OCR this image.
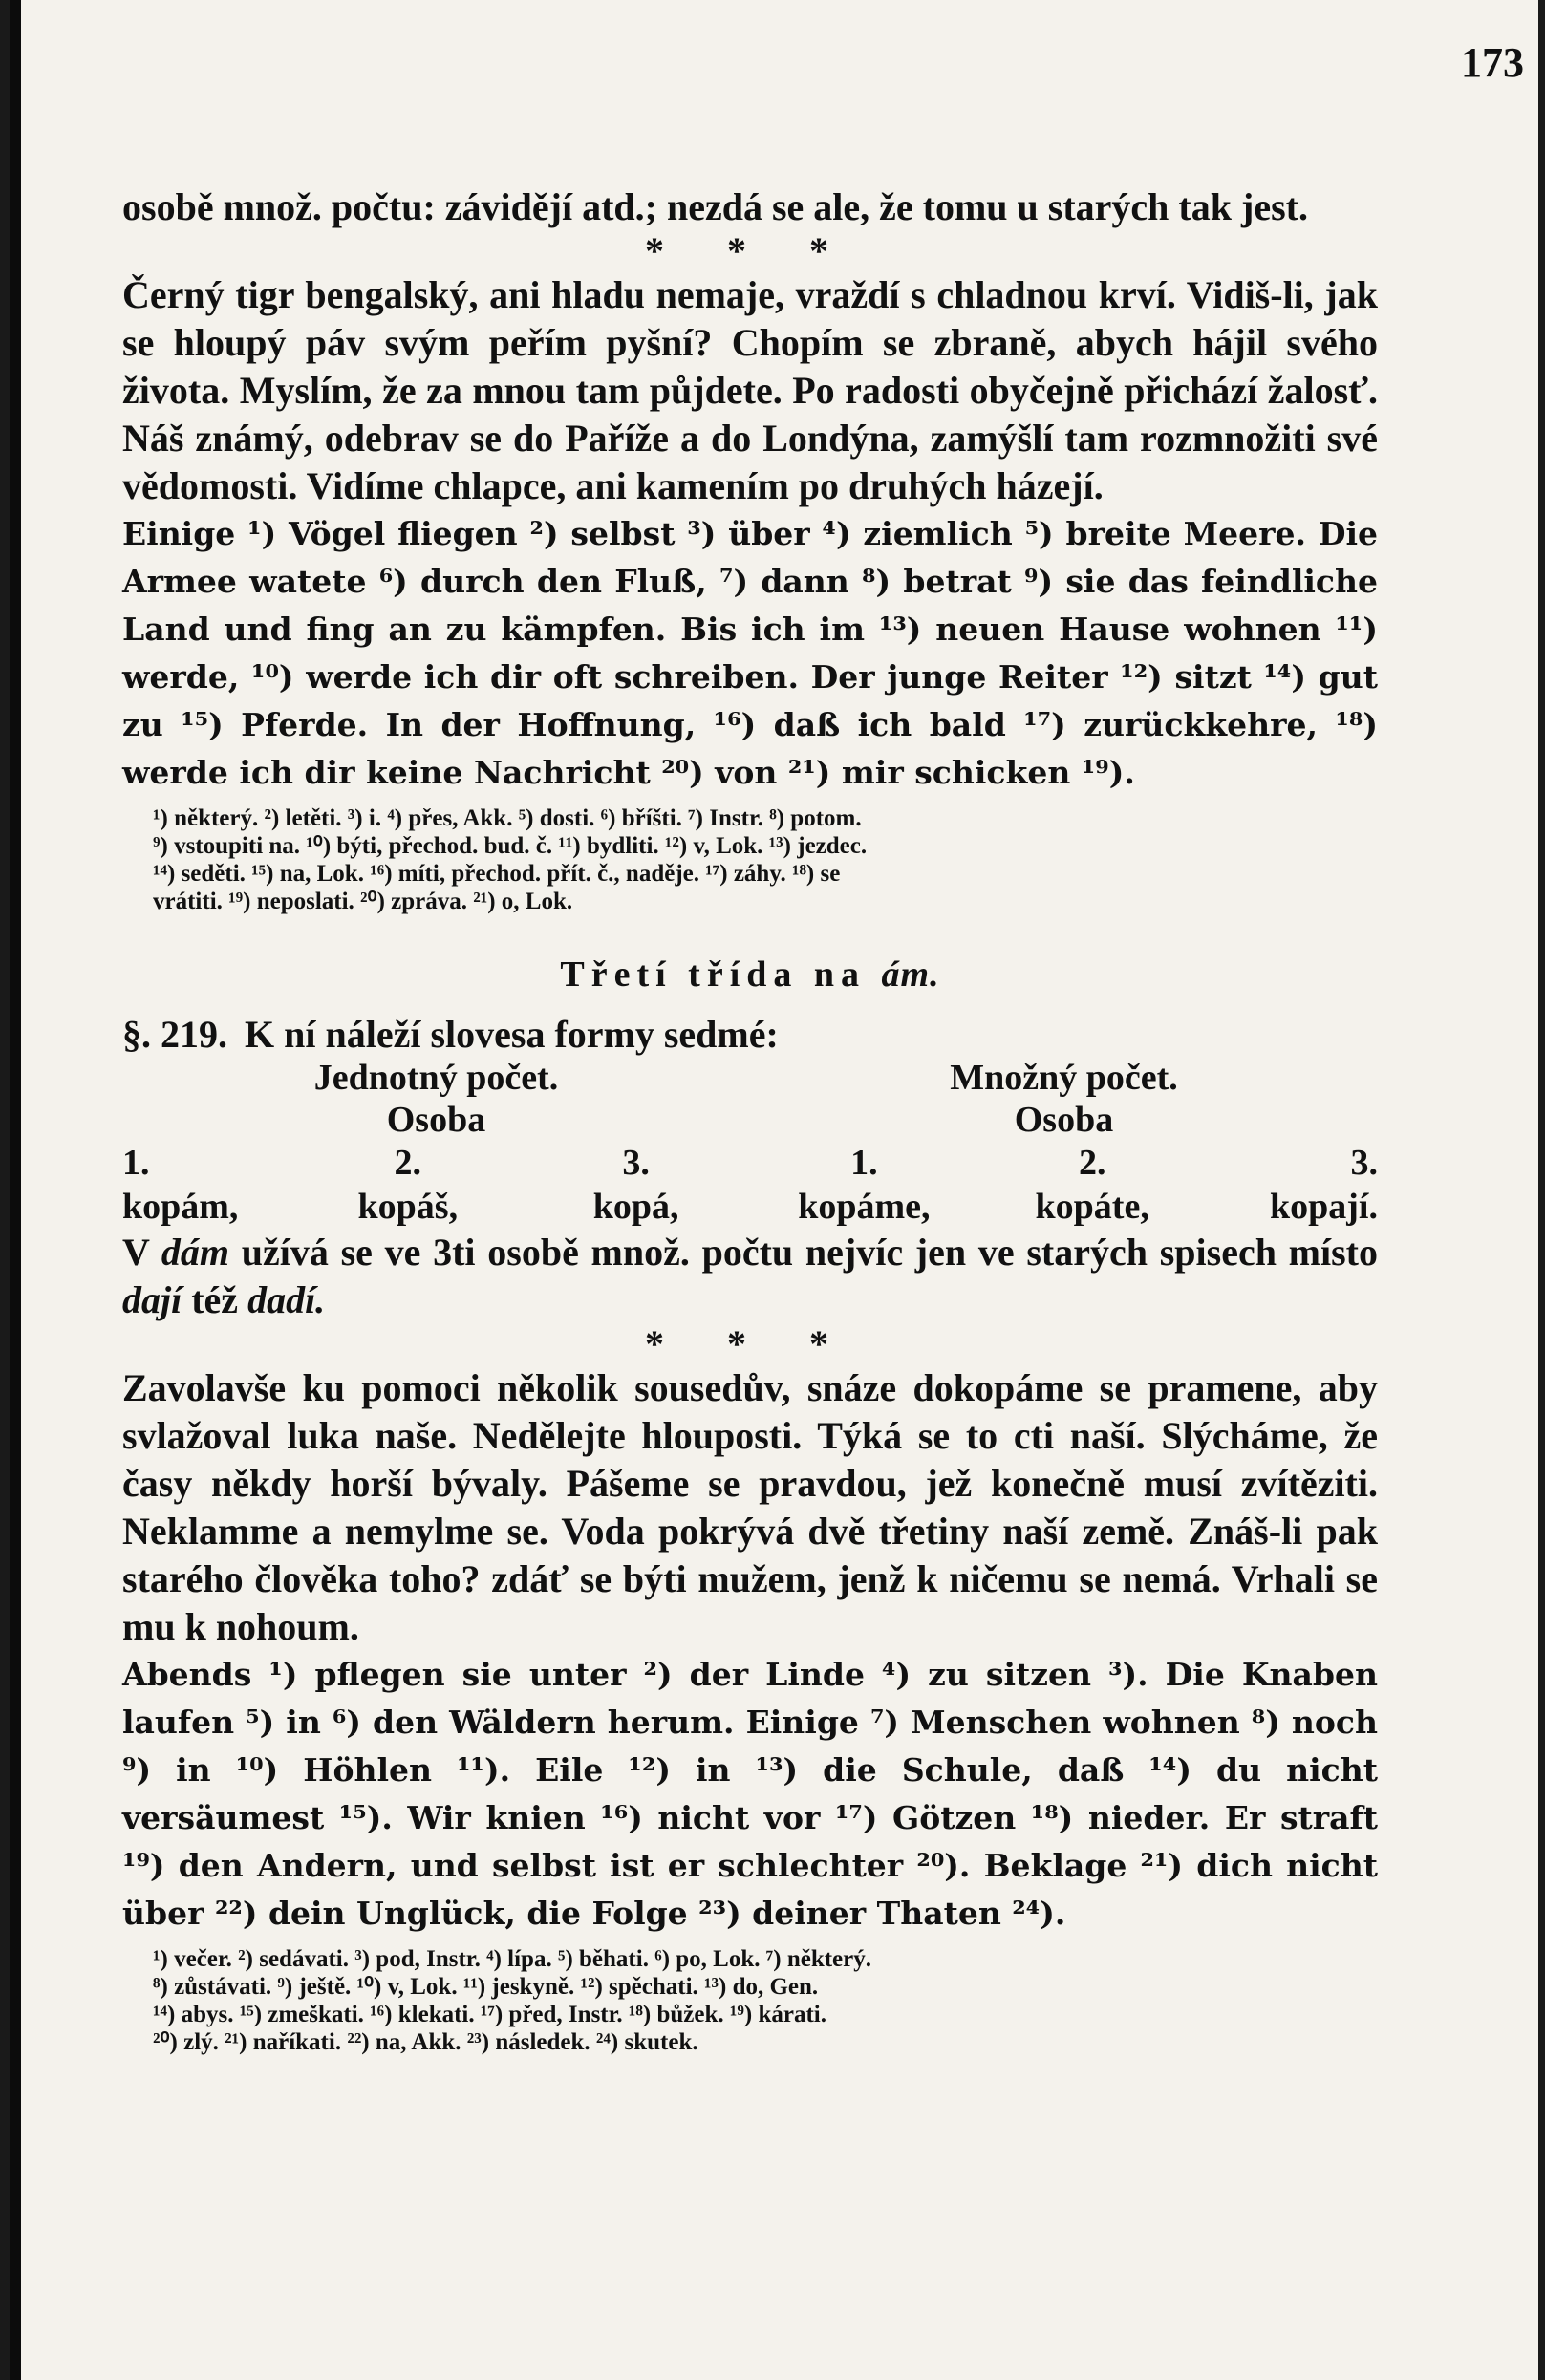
173

osobě množ. počtu: závidějí atd.; nezdá se ale, že tomu u starých tak jest.

* * *

Černý tigr bengalský, ani hladu nemaje, vraždí s chladnou krví. Vidiš-li, jak se hloupý páv svým peřím pyšní? Chopím se zbraně, abych hájil svého života. Myslím, že za mnou tam půjdete. Po radosti obyčejně přichází žalosť. Náš známý, odebrav se do Paříže a do Londýna, zamýšlí tam rozmnožiti své vědomosti. Vidíme chlapce, ani kamením po druhých házejí.

Einige ¹) Vögel fliegen ²) selbst ³) über ⁴) ziemlich ⁵) breite Meere. Die Armee watete ⁶) durch den Fluß, ⁷) dann ⁸) betrat ⁹) sie das feindliche Land und fing an zu kämpfen. Bis ich im ¹³) neuen Hause wohnen ¹¹) werde, ¹⁰) werde ich dir oft schreiben. Der junge Reiter ¹²) sitzt ¹⁴) gut zu ¹⁵) Pferde. In der Hoffnung, ¹⁶) daß ich bald ¹⁷) zurückkehre, ¹⁸) werde ich dir keine Nachricht ²⁰) von ²¹) mir schicken ¹⁹).

¹) některý. ²) letěti. ³) i. ⁴) přes, Akk. ⁵) dosti. ⁶) bříšti. ⁷) Instr. ⁸) potom.

⁹) vstoupiti na. ¹⁰) býti, přechod. bud. č. ¹¹) bydliti. ¹²) v, Lok. ¹³) jezdec.

¹⁴) seděti. ¹⁵) na, Lok. ¹⁶) míti, přechod. přít. č., naděje. ¹⁷) záhy. ¹⁸) se

vrátiti. ¹⁹) neposlati. ²⁰) zpráva. ²¹) o, Lok.

Třetí třída na ám.
§. 219. K ní náleží slovesa formy sedmé:
Jednotný počet.	Množný počet.
Osoba	Osoba
1.	2.	3.	1.	2.	3.
kopám,	kopáš,	kopá,	kopáme,	kopáte,	kopají.

V dám užívá se ve 3ti osobě množ. počtu nejvíc jen ve starých spisech místo dají též dadí.

* * *

Zavolavše ku pomoci několik sousedův, snáze dokopáme se pramene, aby svlažoval luka naše. Nedělejte hlouposti. Týká se to cti naší. Slýcháme, že časy někdy horší bývaly. Pášeme se pravdou, jež konečně musí zvítěziti. Neklamme a nemylme se. Voda pokrývá dvě třetiny naší země. Znáš-li pak starého člověka toho? zdáť se býti mužem, jenž k ničemu se nemá. Vrhali se mu k nohoum.

Abends ¹) pflegen sie unter ²) der Linde ⁴) zu sitzen ³). Die Knaben laufen ⁵) in ⁶) den Wäldern herum. Einige ⁷) Menschen wohnen ⁸) noch ⁹) in ¹⁰) Höhlen ¹¹). Eile ¹²) in ¹³) die Schule, daß ¹⁴) du nicht versäumest ¹⁵). Wir knien ¹⁶) nicht vor ¹⁷) Götzen ¹⁸) nieder. Er straft ¹⁹) den Andern, und selbst ist er schlechter ²⁰). Beklage ²¹) dich nicht über ²²) dein Unglück, die Folge ²³) deiner Thaten ²⁴).

¹) večer. ²) sedávati. ³) pod, Instr. ⁴) lípa. ⁵) běhati. ⁶) po, Lok. ⁷) některý.

⁸) zůstávati. ⁹) ještě. ¹⁰) v, Lok. ¹¹) jeskyně. ¹²) spěchati. ¹³) do, Gen.

¹⁴) abys. ¹⁵) zmeškati. ¹⁶) klekati. ¹⁷) před, Instr. ¹⁸) bůžek. ¹⁹) kárati.

²⁰) zlý. ²¹) naříkati. ²²) na, Akk. ²³) následek. ²⁴) skutek.
